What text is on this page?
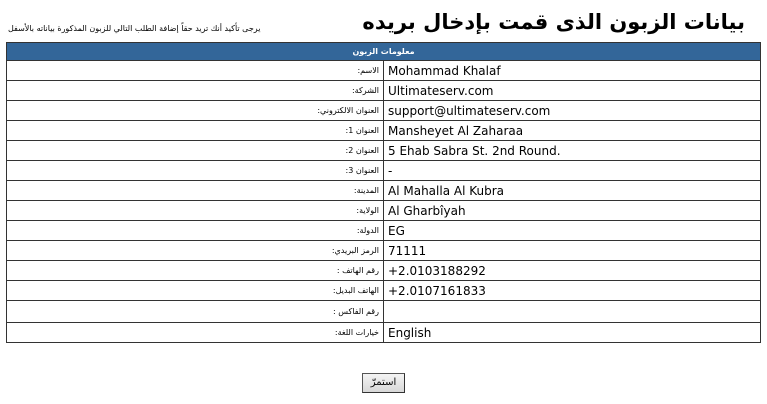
بيانات الزبون الذى قمت بإدخال بريده
يرجى تأكيد أنك تريد حقاً إضافة الطلب التالي للزبون المذكورة بياناته بالأسفل
معلومات الزبون	
الاسم:	Mohammad Khalaf
الشركة:	Ultimateserv.com
العنوان الالكتروني:	support@ultimateserv.com
العنوان 1:	Mansheyet Al Zaharaa
العنوان 2:	5 Ehab Sabra St. 2nd Round.
العنوان 3:	-
المدينة:	Al Mahalla Al Kubra
الولاية:	Al Gharbîyah
الدولة:	EG
الرمز البريدي:	71111
رقم الهاتف :	+2.0103188292
الهاتف البديل:	+2.0107161833
رقم الفاكس :	
خيارات اللغة:	English
استمرّ
